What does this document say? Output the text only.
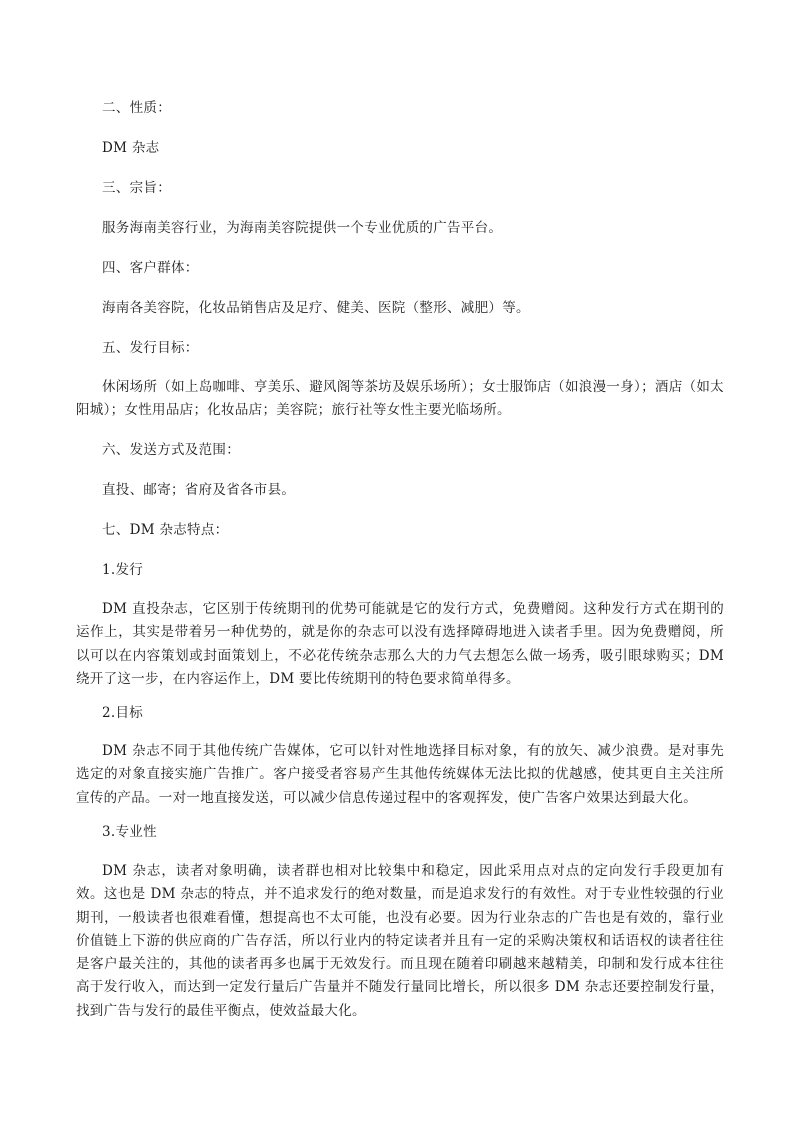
二、性质：
DM 杂志
三、宗旨：
服务海南美容行业，为海南美容院提供一个专业优质的广告平台。
四、客户群体：
海南各美容院，化妆品销售店及足疗、健美、医院（整形、减肥）等。
五、发行目标：
休闲场所（如上岛咖啡、亨美乐、避风阁等茶坊及娱乐场所）；女士服饰店（如浪漫一身）；酒店（如太阳城）；女性用品店；化妆品店；美容院；旅行社等女性主要光临场所。
六、发送方式及范围：
直投、邮寄；省府及省各市县。
七、DM 杂志特点：
1.发行
DM 直投杂志，它区别于传统期刊的优势可能就是它的发行方式，免费赠阅。这种发行方式在期刊的运作上，其实是带着另一种优势的，就是你的杂志可以没有选择障碍地进入读者手里。因为免费赠阅，所以可以在内容策划或封面策划上，不必花传统杂志那么大的力气去想怎么做一场秀，吸引眼球购买；DM 绕开了这一步，在内容运作上，DM 要比传统期刊的特色要求简单得多。
2.目标
DM 杂志不同于其他传统广告媒体，它可以针对性地选择目标对象，有的放矢、减少浪费。是对事先选定的对象直接实施广告推广。客户接受者容易产生其他传统媒体无法比拟的优越感，使其更自主关注所宣传的产品。一对一地直接发送，可以减少信息传递过程中的客观挥发，使广告客户效果达到最大化。
3.专业性
DM 杂志，读者对象明确，读者群也相对比较集中和稳定，因此采用点对点的定向发行手段更加有效。这也是 DM 杂志的特点，并不追求发行的绝对数量，而是追求发行的有效性。对于专业性较强的行业期刊，一般读者也很难看懂，想提高也不太可能，也没有必要。因为行业杂志的广告也是有效的，靠行业价值链上下游的供应商的广告存活，所以行业内的特定读者并且有一定的采购决策权和话语权的读者往往是客户最关注的，其他的读者再多也属于无效发行。而且现在随着印刷越来越精美，印制和发行成本往往高于发行收入，而达到一定发行量后广告量并不随发行量同比增长，所以很多 DM 杂志还要控制发行量，找到广告与发行的最佳平衡点，使效益最大化。
